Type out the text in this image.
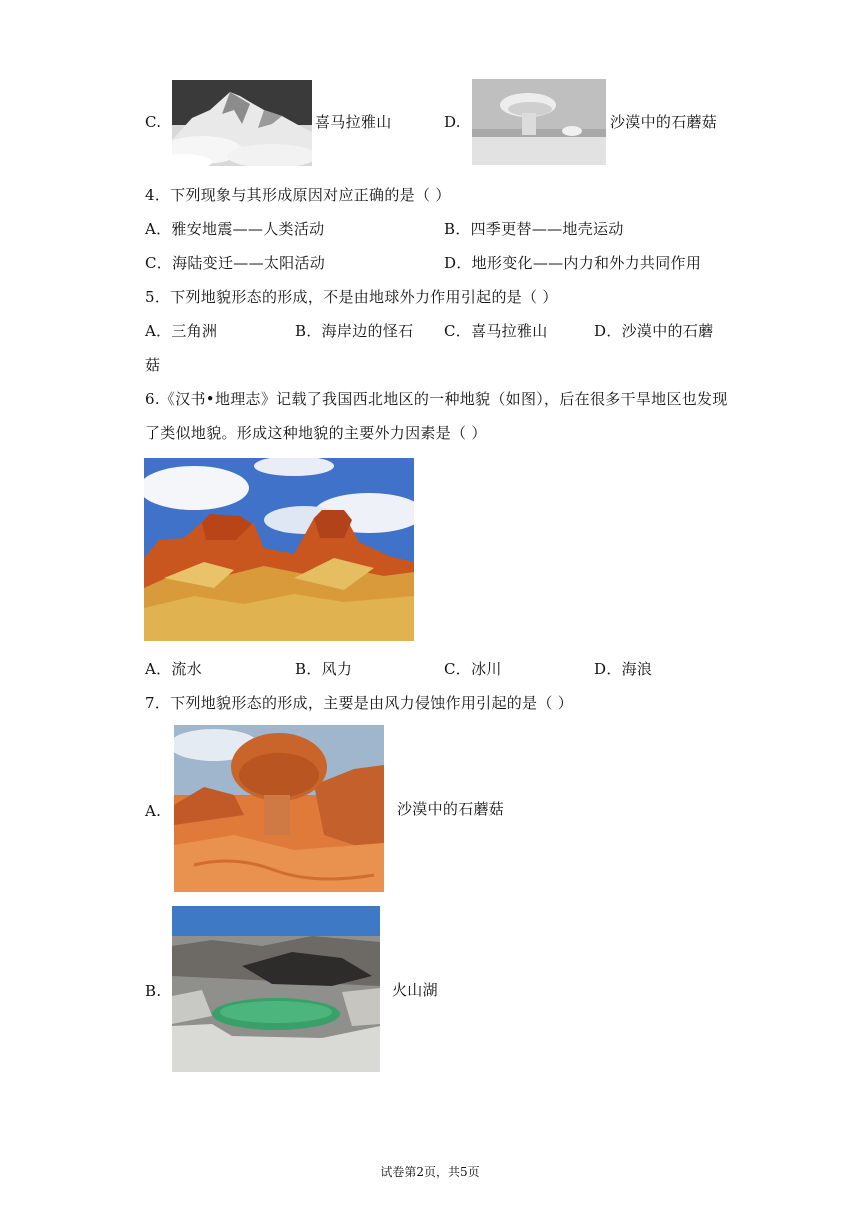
C.	喜马拉雅山	D.	沙漠中的石蘑菇
4．下列现象与其形成原因对应正确的是（ ）
A．雅安地震——人类活动	B．四季更替——地壳运动
C．海陆变迁——太阳活动	D．地形变化——内力和外力共同作用
5．下列地貌形态的形成，不是由地球外力作用引起的是（ ）
A．三角洲	B．海岸边的怪石 C．喜马拉雅山	D．沙漠中的石蘑
菇
6.《汉书•地理志》记载了我国西北地区的一种地貌（如图），后在很多干旱地区也发现
了类似地貌。形成这种地貌的主要外力因素是（ ）
A．流水	B．风力	C．冰川	D．海浪
7．下列地貌形态的形成，主要是由风力侵蚀作用引起的是（ ）
A.	沙漠中的石蘑菇
B.	火山湖
试卷第2页，共5页
